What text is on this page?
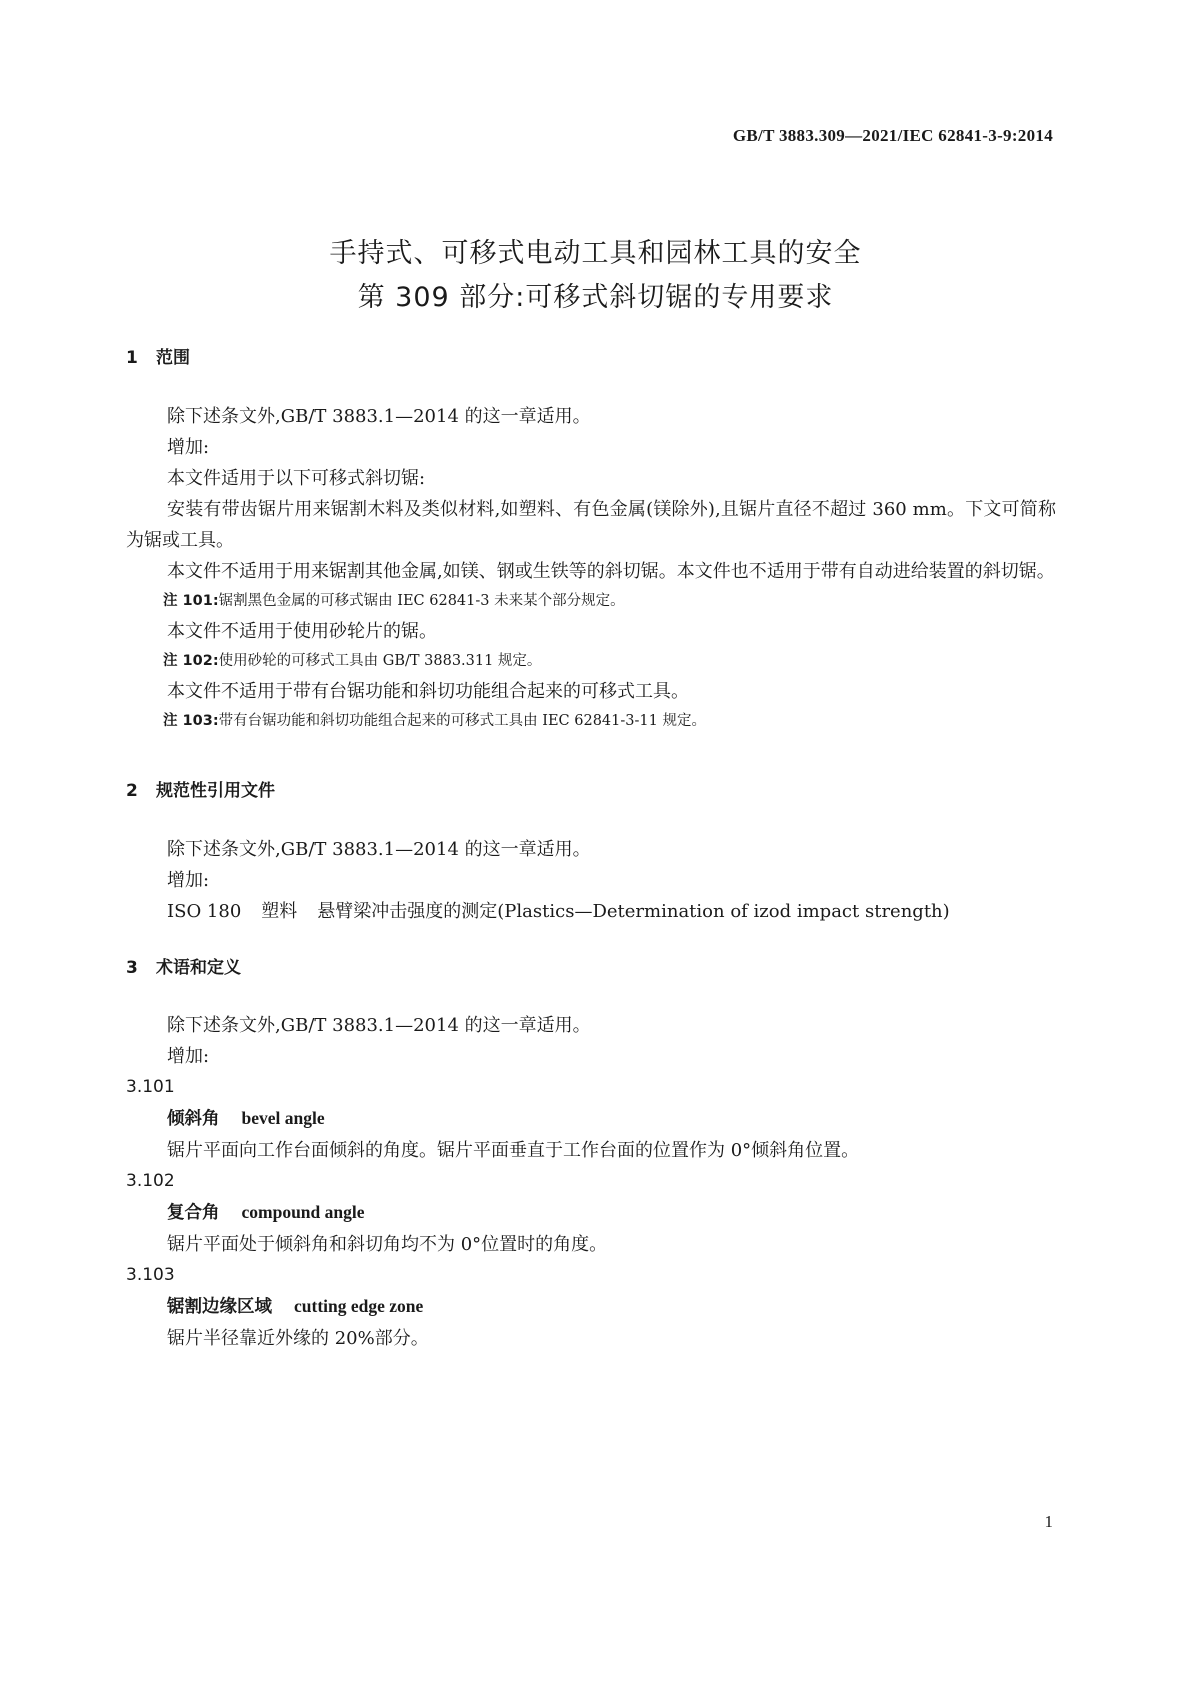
GB/T 3883.309—2021/IEC 62841-3-9:2014
手持式、可移式电动工具和园林工具的安全
第 309 部分:可移式斜切锯的专用要求
1 范围
除下述条文外,GB/T 3883.1—2014 的这一章适用。
增加:
本文件适用于以下可移式斜切锯:
安装有带齿锯片用来锯割木料及类似材料,如塑料、有色金属(镁除外),且锯片直径不超过 360 mm。下文可简称为锯或工具。
本文件不适用于用来锯割其他金属,如镁、钢或生铁等的斜切锯。本文件也不适用于带有自动进给装置的斜切锯。
注 101:锯割黑色金属的可移式锯由 IEC 62841-3 未来某个部分规定。
本文件不适用于使用砂轮片的锯。
注 102:使用砂轮的可移式工具由 GB/T 3883.311 规定。
本文件不适用于带有台锯功能和斜切功能组合起来的可移式工具。
注 103:带有台锯功能和斜切功能组合起来的可移式工具由 IEC 62841-3-11 规定。
2 规范性引用文件
除下述条文外,GB/T 3883.1—2014 的这一章适用。
增加:
ISO 180 塑料 悬臂梁冲击强度的测定(Plastics—Determination of izod impact strength)
3 术语和定义
除下述条文外,GB/T 3883.1—2014 的这一章适用。
增加:
3.101
倾斜角 bevel angle
锯片平面向工作台面倾斜的角度。锯片平面垂直于工作台面的位置作为 0°倾斜角位置。
3.102
复合角 compound angle
锯片平面处于倾斜角和斜切角均不为 0°位置时的角度。
3.103
锯割边缘区域 cutting edge zone
锯片半径靠近外缘的 20%部分。
1
